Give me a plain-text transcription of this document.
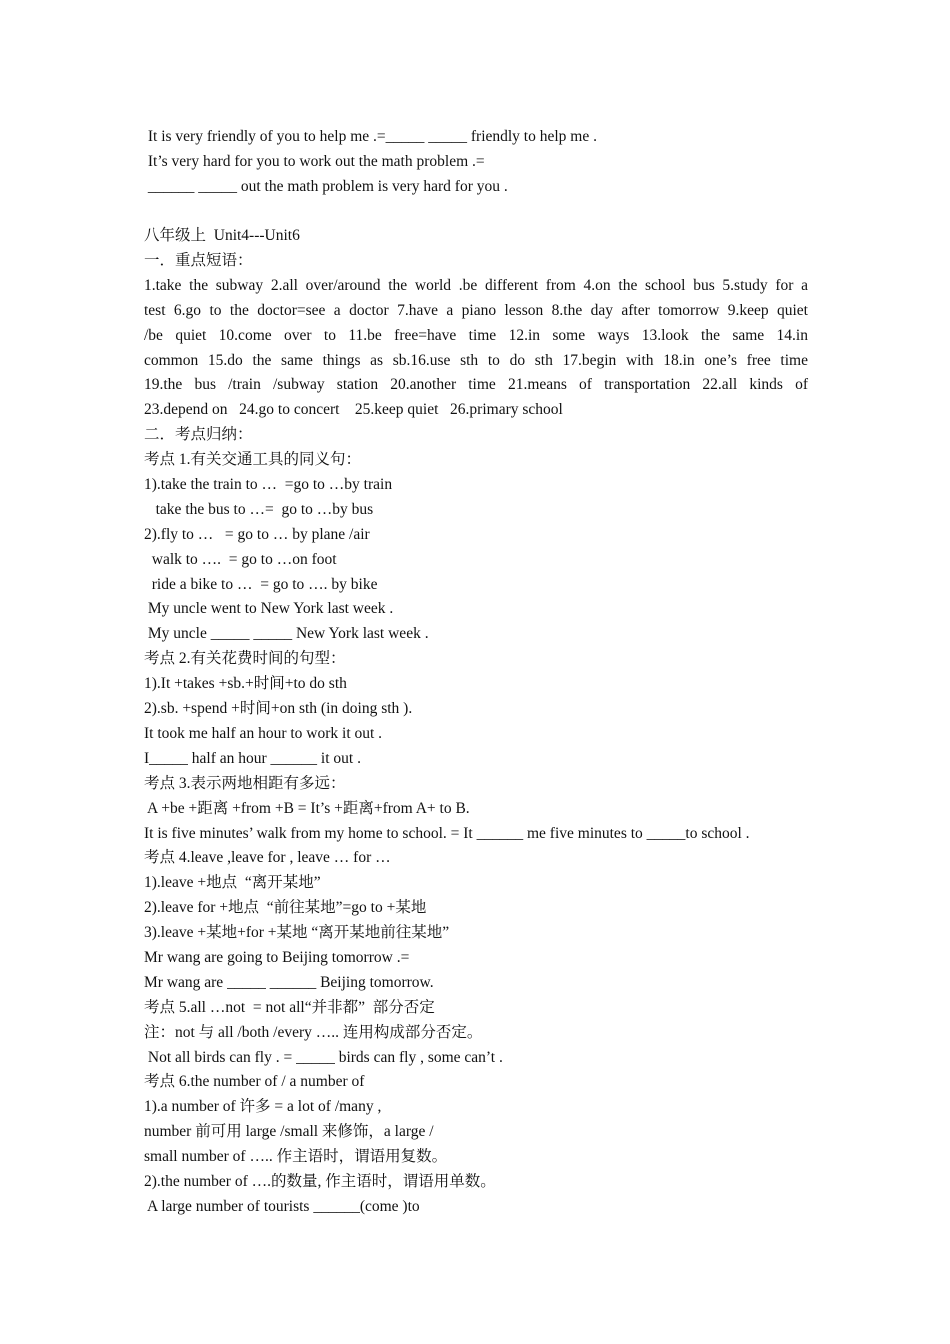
It is very friendly of you to help me .=_____ _____ friendly to help me .
It’s very hard for you to work out the math problem .=
______ _____ out the math problem is very hard for you .
八年级上  Unit4---Unit6
一．重点短语：
1.take the subway 2.all over/around the world .be different from 4.on the school bus 5.study for a
test 6.go to the doctor=see a doctor 7.have a piano lesson 8.the day after tomorrow 9.keep quiet
/be quiet 10.come over to 11.be free=have time 12.in some ways 13.look the same 14.in
common 15.do the same things as sb.16.use sth to do sth 17.begin with 18.in one’s free time
19.the bus /train /subway station 20.another time 21.means of transportation 22.all kinds of
23.depend on   24.go to concert    25.keep quiet   26.primary school
二．考点归纳：
考点 1.有关交通工具的同义句：
1).take the train to …  =go to …by train
take the bus to …=  go to …by bus
2).fly to …   = go to … by plane /air
walk to ….  = go to …on foot
ride a bike to …  = go to …. by bike
My uncle went to New York last week .
My uncle _____ _____ New York last week .
考点 2.有关花费时间的句型：
1).It +takes +sb.+时间+to do sth
2).sb. +spend +时间+on sth (in doing sth ).
It took me half an hour to work it out .
I_____ half an hour ______ it out .
考点 3.表示两地相距有多远：
A +be +距离 +from +B = It’s +距离+from A+ to B.
It is five minutes’ walk from my home to school. = It ______ me five minutes to _____to school .
考点 4.leave ,leave for , leave … for …
1).leave +地点  “离开某地”
2).leave for +地点  “前往某地”=go to +某地
3).leave +某地+for +某地 “离开某地前往某地”
Mr wang are going to Beijing tomorrow .=
Mr wang are _____ ______ Beijing tomorrow.
考点 5.all …not  = not all“并非都”  部分否定
注：not 与 all /both /every ….. 连用构成部分否定。
Not all birds can fly . = _____ birds can fly , some can’t .
考点 6.the number of / a number of
1).a number of 许多 = a lot of /many ,
number 前可用 large /small 来修饰，a large /
small number of ….. 作主语时，谓语用复数。
2).the number of ….的数量, 作主语时，谓语用单数。
A large number of tourists ______(come )to
